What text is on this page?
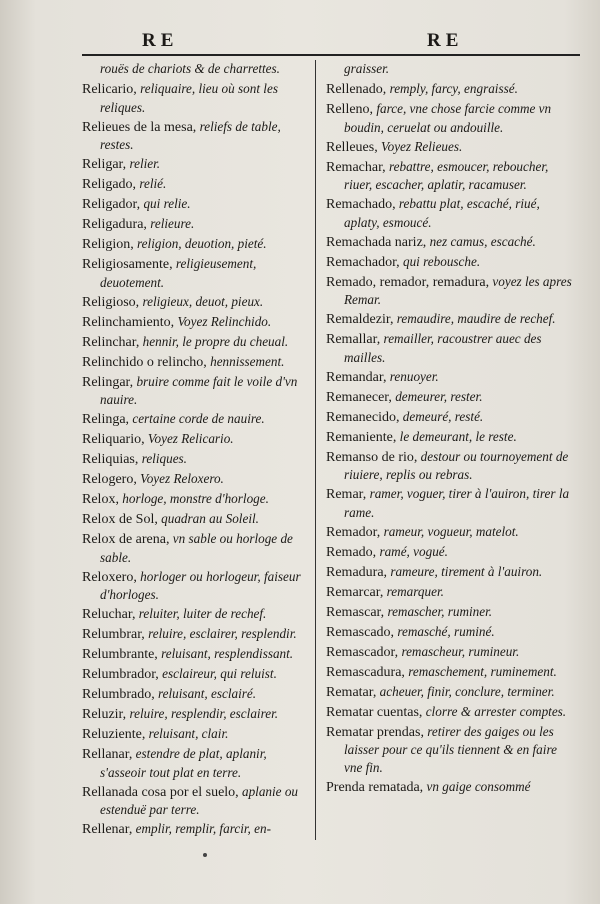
RE	RE
rouës de chariots & de charrettes.
Relicario, reliquaire, lieu où sont les reliques.
Relieues de la mesa, reliefs de table, restes.
Religar, relier.
Religado, relié.
Religador, qui relie.
Religadura, relieure.
Religion, religion, deuotion, pieté.
Religiosamente, religieusement, deuotement.
Religioso, religieux, deuot, pieux.
Relinchamiento, Voyez Relinchido.
Relinchar, hennir, le propre du cheual.
Relinchido o relincho, hennissement.
Relingar, bruire comme fait le voile d'vn nauire.
Relinga, certaine corde de nauire.
Reliquario, Voyez Relicario.
Reliquias, reliques.
Relogero, Voyez Reloxero.
Relox, horloge, monstre d'horloge.
Relox de Sol, quadran au Soleil.
Relox de arena, vn sable ou horloge de sable.
Reloxero, horloger ou horlogeur, faiseur d'horloges.
Reluchar, reluiter, luiter de rechef.
Relumbrar, reluire, esclairer, resplendir.
Relumbrante, reluisant, resplendissant.
Relumbrador, esclaireur, qui reluist.
Relumbrado, reluisant, esclairé.
Reluzir, reluire, resplendir, esclairer.
Reluziente, reluisant, clair.
Rellanar, estendre de plat, aplanir, s'asseoir tout plat en terre.
Rellanada cosa por el suelo, aplanie ou estenduë par terre.
Rellenar, emplir, remplir, farcir, en-
graisser.
Rellenado, remply, farcy, engraissé.
Relleno, farce, vne chose farcie comme vn boudin, ceruelat ou andouille.
Relleues, Voyez Relieues.
Remachar, rebattre, esmoucer, reboucher, riuer, escacher, aplatir, racamuser.
Remachado, rebattu plat, escaché, riué, aplaty, esmoucé.
Remachada nariz, nez camus, escaché.
Remachador, qui rebousche.
Remado, remador, remadura, voyez les apres Remar.
Remaldezir, remaudire, maudire de rechef.
Remallar, remailler, racoustrer auec des mailles.
Remandar, renuoyer.
Remanecer, demeurer, rester.
Remanecido, demeuré, resté.
Remaniente, le demeurant, le reste.
Remanso de rio, destour ou tournoyement de riuiere, replis ou rebras.
Remar, ramer, voguer, tirer à l'auiron, tirer la rame.
Remador, rameur, vogueur, matelot.
Remado, ramé, vogué.
Remadura, rameure, tirement à l'auiron.
Remarcar, remarquer.
Remascar, remascher, ruminer.
Remascado, remasché, ruminé.
Remascador, remascheur, rumineur.
Remascadura, remaschement, ruminement.
Rematar, acheuer, finir, conclure, terminer.
Rematar cuentas, clorre & arrester comptes.
Rematar prendas, retirer des gaiges ou les laisser pour ce qu'ils tiennent & en faire vne fin.
Prenda rematada, vn gaige consommé
